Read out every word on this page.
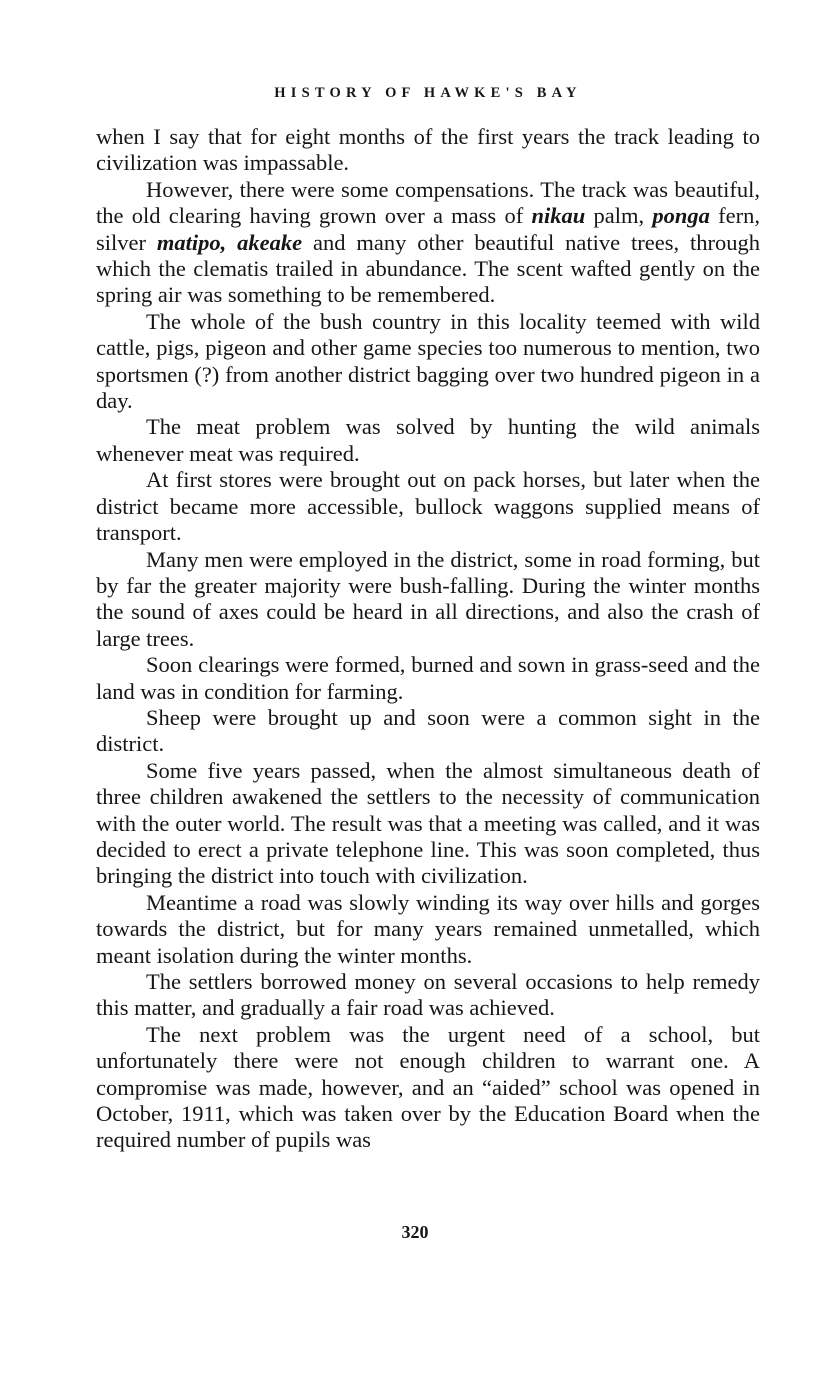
HISTORY OF HAWKE'S BAY

when I say that for eight months of the first years the track leading to civilization was impassable.

However, there were some compensations. The track was beautiful, the old clearing having grown over a mass of nikau palm, ponga fern, silver matipo, akeake and many other beautiful native trees, through which the clematis trailed in abundance. The scent wafted gently on the spring air was something to be remembered.

The whole of the bush country in this locality teemed with wild cattle, pigs, pigeon and other game species too numerous to mention, two sportsmen (?) from another district bagging over two hundred pigeon in a day.

The meat problem was solved by hunting the wild animals whenever meat was required.

At first stores were brought out on pack horses, but later when the district became more accessible, bullock waggons supplied means of transport.

Many men were employed in the district, some in road forming, but by far the greater majority were bush-falling. During the winter months the sound of axes could be heard in all directions, and also the crash of large trees.

Soon clearings were formed, burned and sown in grass-seed and the land was in condition for farming.

Sheep were brought up and soon were a common sight in the district.

Some five years passed, when the almost simultaneous death of three children awakened the settlers to the necessity of communication with the outer world. The result was that a meeting was called, and it was decided to erect a private telephone line. This was soon completed, thus bringing the district into touch with civilization.

Meantime a road was slowly winding its way over hills and gorges towards the district, but for many years remained unmetalled, which meant isolation during the winter months.

The settlers borrowed money on several occasions to help remedy this matter, and gradually a fair road was achieved.

The next problem was the urgent need of a school, but unfortunately there were not enough children to warrant one. A compromise was made, however, and an “aided” school was opened in October, 1911, which was taken over by the Education Board when the required number of pupils was

320
